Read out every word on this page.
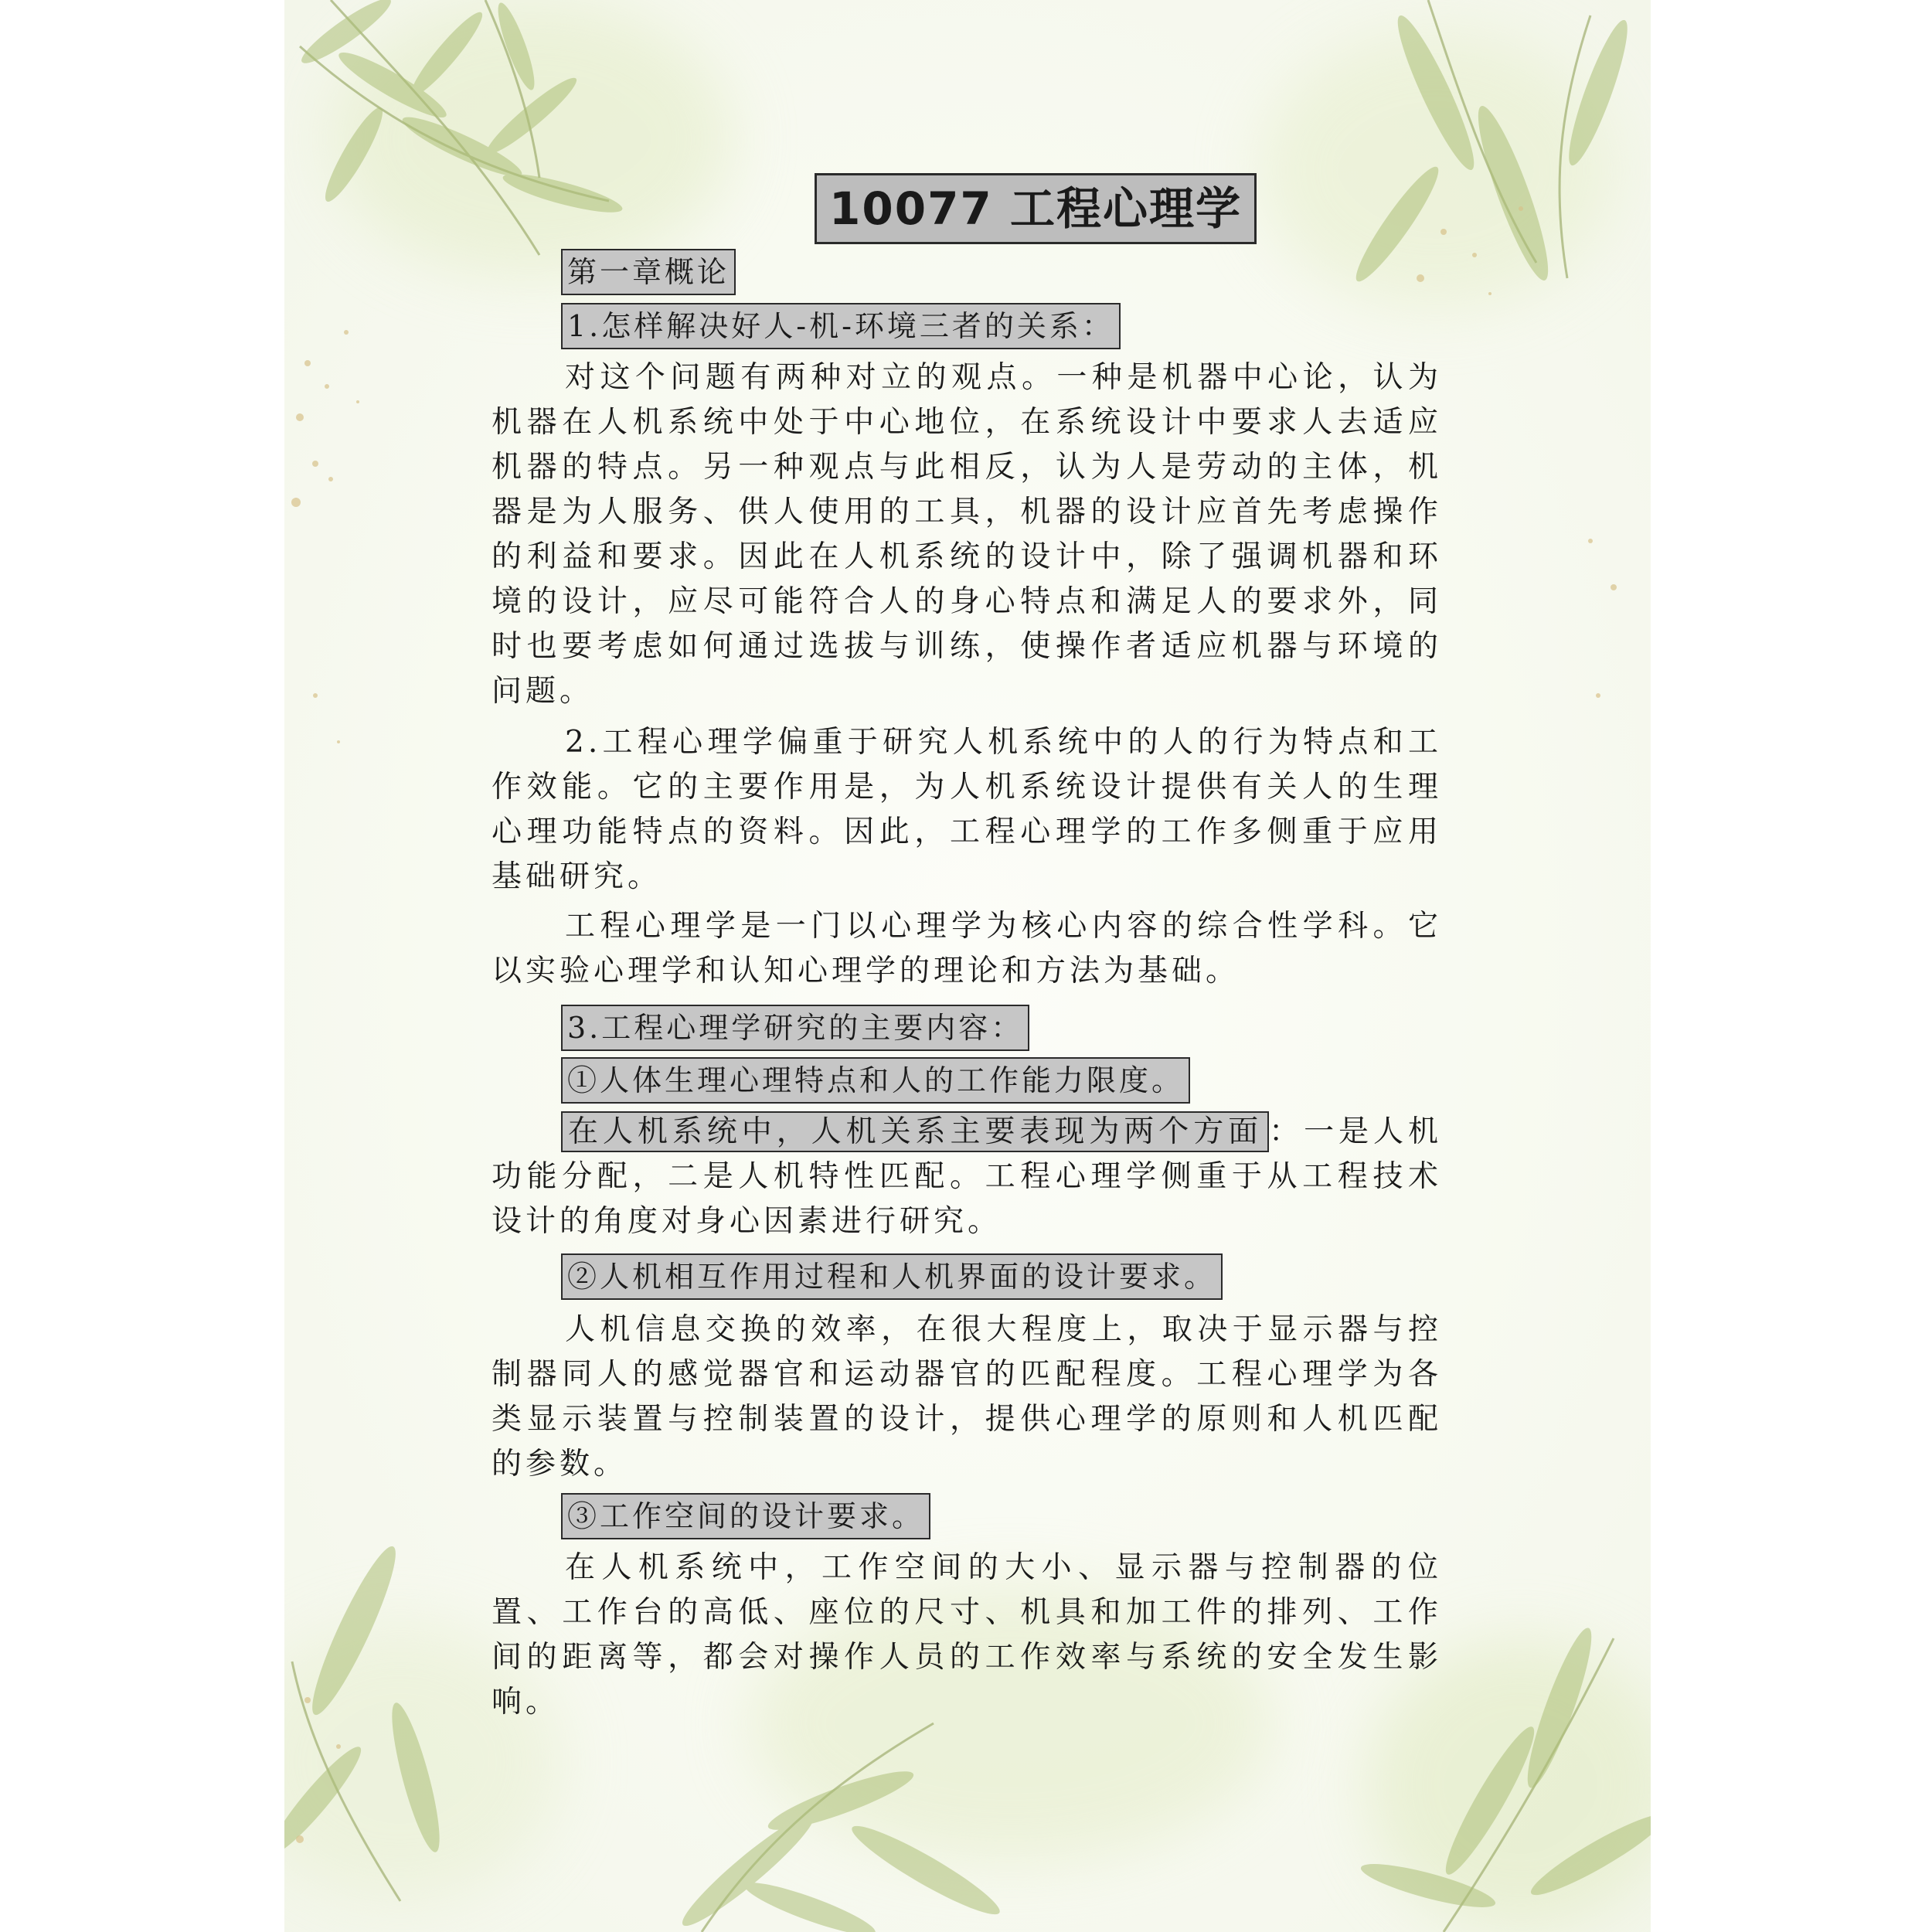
10077 工程心理学
第一章概论
1.怎样解决好人-机-环境三者的关系：

对这个问题有两种对立的观点。一种是机器中心论，认为机器在人机系统中处于中心地位，在系统设计中要求人去适应机器的特点。另一种观点与此相反，认为人是劳动的主体，机器是为人服务、供人使用的工具，机器的设计应首先考虑操作的利益和要求。因此在人机系统的设计中，除了强调机器和环境的设计，应尽可能符合人的身心特点和满足人的要求外，同时也要考虑如何通过选拔与训练，使操作者适应机器与环境的问题。

2.工程心理学偏重于研究人机系统中的人的行为特点和工作效能。它的主要作用是，为人机系统设计提供有关人的生理心理功能特点的资料。因此，工程心理学的工作多侧重于应用基础研究。

工程心理学是一门以心理学为核心内容的综合性学科。它以实验心理学和认知心理学的理论和方法为基础。

3.工程心理学研究的主要内容：
①人体生理心理特点和人的工作能力限度。

在人机系统中，人机关系主要表现为两个方面 ：一是人机功能分配，二是人机特性匹配。工程心理学侧重于从工程技术设计的角度对身心因素进行研究。

②人机相互作用过程和人机界面的设计要求。

人机信息交换的效率，在很大程度上，取决于显示器与控制器同人的感觉器官和运动器官的匹配程度。工程心理学为各类显示装置与控制装置的设计，提供心理学的原则和人机匹配的参数。

③工作空间的设计要求。

在人机系统中，工作空间的大小、显示器与控制器的位置、工作台的高低、座位的尺寸、机具和加工件的排列、工作间的距离等，都会对操作人员的工作效率与系统的安全发生影响。
